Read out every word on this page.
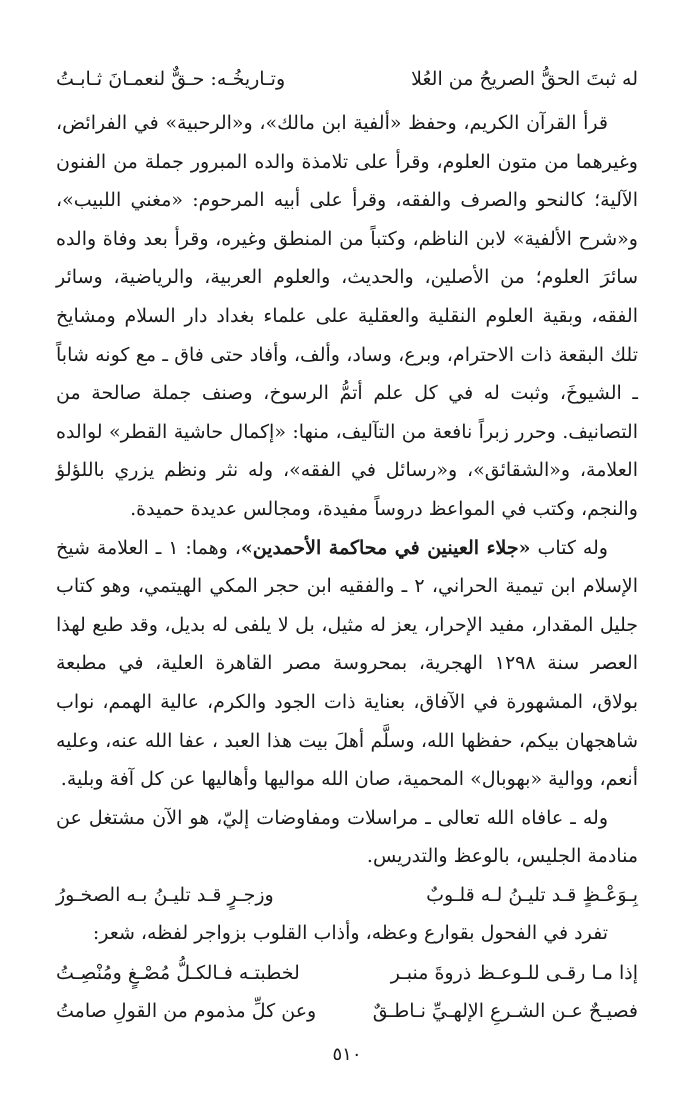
له ثبتَ الحقُّ الصريحُ من العُلا
وتـاريخُـه: حـقٌّ لنعمـانَ ثـابـتُ

قرأ القرآن الكريم، وحفظ «ألفية ابن مالك»، و«الرحبية» في الفرائض، وغيرهما من متون العلوم، وقرأ على تلامذة والده المبرور جملة من الفنون الآلية؛ كالنحو والصرف والفقه، وقرأ على أبيه المرحوم: «مغني اللبيب»، و«شرح الألفية» لابن الناظم، وكتباً من المنطق وغيره، وقرأ بعد وفاة والده سائرَ العلوم؛ من الأصلين، والحديث، والعلوم العربية، والرياضية، وسائر الفقه، وبقية العلوم النقلية والعقلية على علماء بغداد دار السلام ومشايخ تلك البقعة ذات الاحترام، وبرع، وساد، وألف، وأفاد حتى فاق ـ مع كونه شاباً ـ الشيوخَ، وثبت له في كل علم أتمُّ الرسوخ، وصنف جملة صالحة من التصانيف. وحرر زبراً نافعة من التآليف، منها: «إكمال حاشية القطر» لوالده العلامة، و«الشقائق»، و«رسائل في الفقه»، وله نثر ونظم يزري باللؤلؤ والنجم، وكتب في المواعظ دروساً مفيدة، ومجالس عديدة حميدة.

وله كتاب «جلاء العينين في محاكمة الأحمدين»، وهما: ١ ـ العلامة شيخ الإسلام ابن تيمية الحراني، ٢ ـ والفقيه ابن حجر المكي الهيتمي، وهو كتاب جليل المقدار، مفيد الإحرار، يعز له مثيل، بل لا يلفى له بديل، وقد طبع لهذا العصر سنة ١٢٩٨ الهجرية، بمحروسة مصر القاهرة العلية، في مطبعة بولاق، المشهورة في الآفاق، بعناية ذات الجود والكرم، عالية الهمم، نواب شاهجهان بيكم، حفظها الله، وسلَّم أهلَ بيت هذا العبد ، عفا الله عنه، وعليه أنعم، ووالية «بهوبال» المحمية، صان الله مواليها وأهاليها عن كل آفة وبلية.

وله ـ عافاه الله تعالى ـ مراسلات ومفاوضات إليّ، هو الآن مشتغل عن منادمة الجليس، بالوعظ والتدريس.

بِـوَعْـظٍ قـد تليـنُ لـه قلـوبٌ
وزجـرٍ قـد تليـنُ بـه الصخـورُ

تفرد في الفحول بقوارع وعظه، وأذاب القلوب بزواجر لفظه، شعر:

إذا مـا رقـى للـوعـظ ذروةَ منبـر
لخطبتـه فـالكـلُّ مُصْـغٍ ومُنْصِـتُ
فصيـحٌ عـن الشـرعِ الإلهـيِّ نـاطـقٌ
وعن كلِّ مذموم من القولِ صامتُ
٥١٠
